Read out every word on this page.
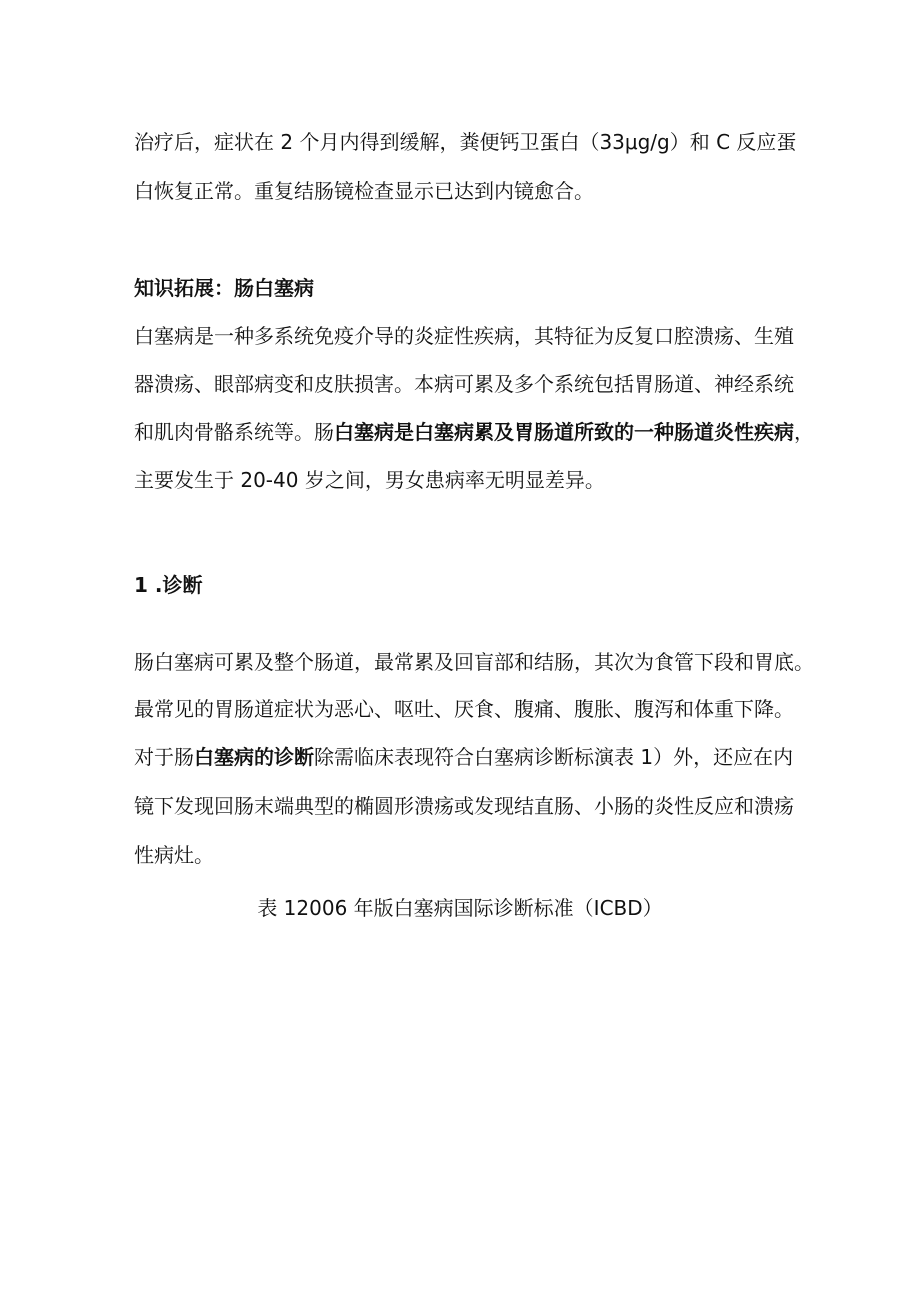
治疗后，症状在 2 个月内得到缓解，粪便钙卫蛋白（33μg/g）和 C 反应蛋
白恢复正常。重复结肠镜检查显示已达到内镜愈合。
知识拓展：肠白塞病
白塞病是一种多系统免疫介导的炎症性疾病，其特征为反复口腔溃疡、生殖
器溃疡、眼部病变和皮肤损害。本病可累及多个系统包括胃肠道、神经系统
和肌肉骨骼系统等。肠白塞病是白塞病累及胃肠道所致的一种肠道炎性疾病，
主要发生于 20-40 岁之间，男女患病率无明显差异。
1 .诊断
肠白塞病可累及整个肠道，最常累及回盲部和结肠，其次为食管下段和胃底。
最常见的胃肠道症状为恶心、呕吐、厌食、腹痛、腹胀、腹泻和体重下降。
对于肠白塞病的诊断除需临床表现符合白塞病诊断标演表 1）外，还应在内
镜下发现回肠末端典型的椭圆形溃疡或发现结直肠、小肠的炎性反应和溃疡
性病灶。
表 12006 年版白塞病国际诊断标准（ICBD）
